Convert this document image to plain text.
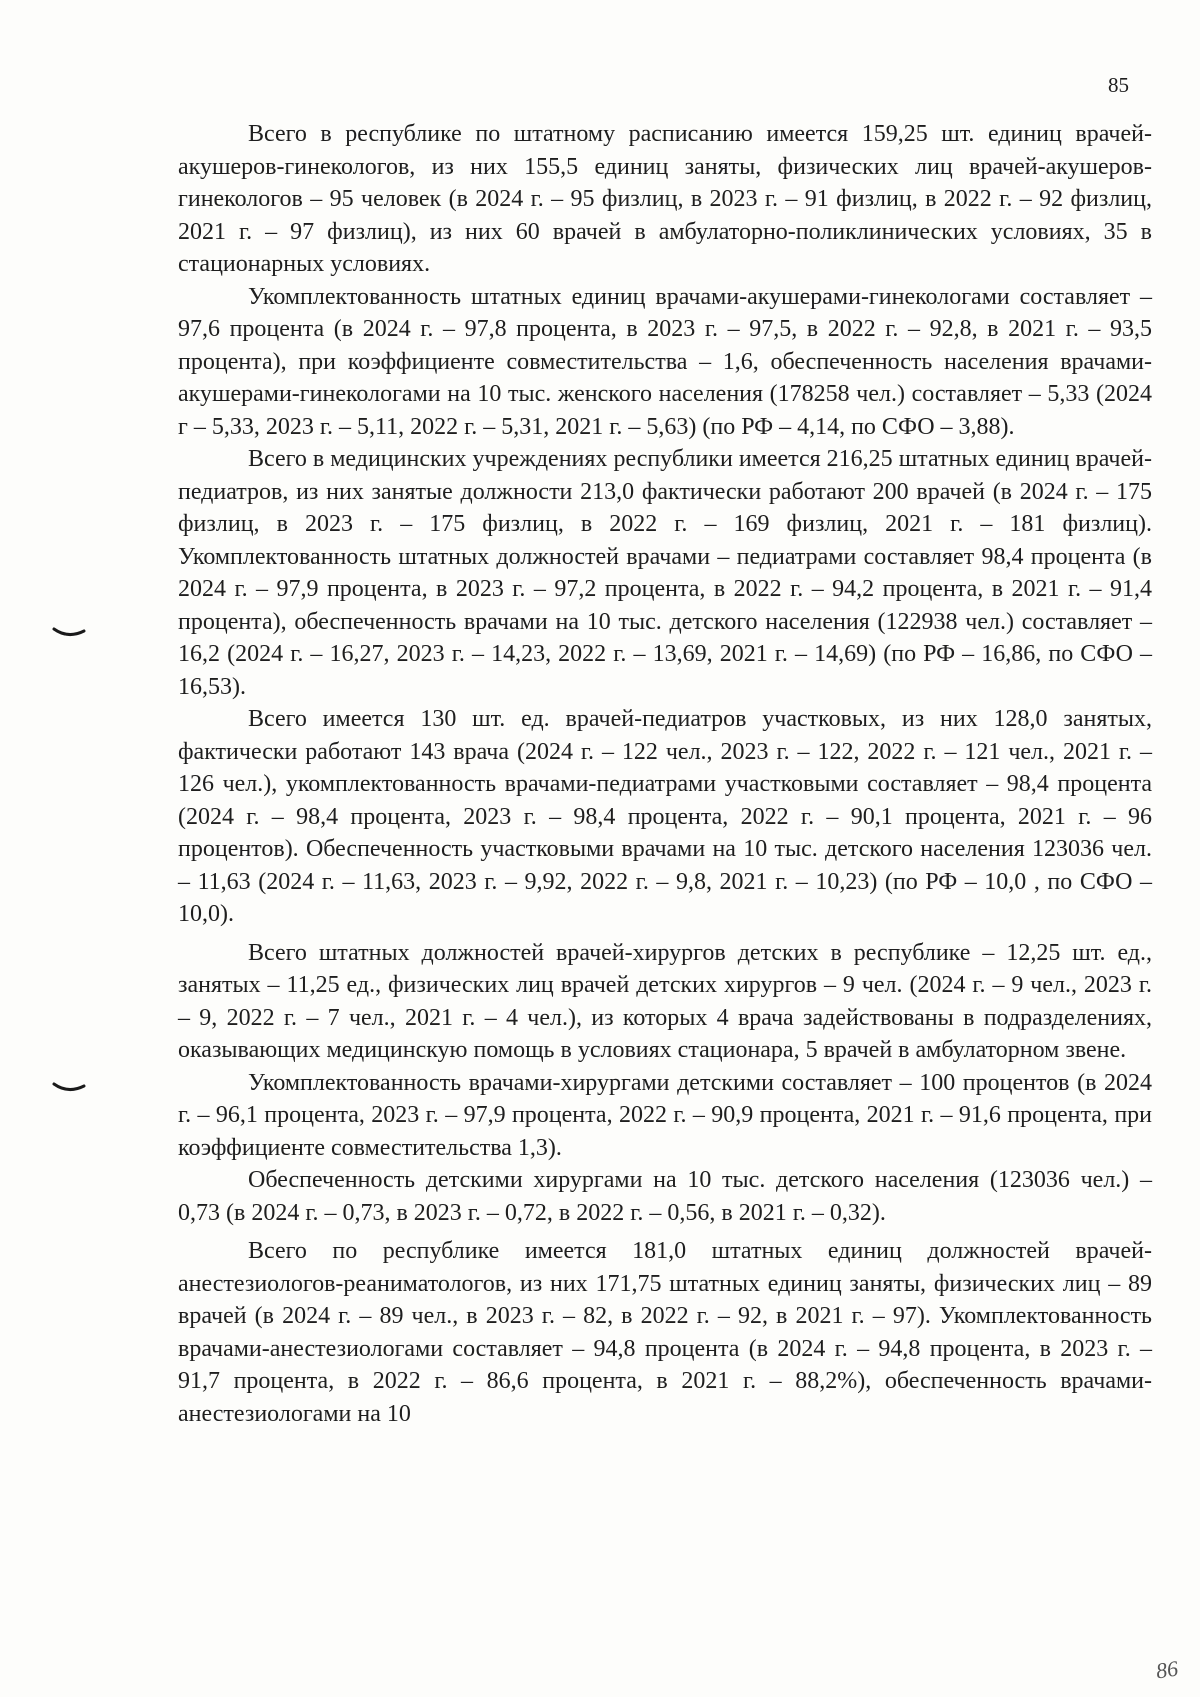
85

Всего в республике по штатному расписанию имеется 159,25 шт. единиц врачей-акушеров-гинекологов, из них 155,5 единиц заняты, физических лиц врачей-акушеров-гинекологов – 95 человек (в 2024 г. – 95 физлиц, в 2023 г. – 91 физлиц, в 2022 г. – 92 физлиц, 2021 г. – 97 физлиц), из них 60 врачей в амбулаторно-поликлинических условиях, 35 в стационарных условиях.

Укомплектованность штатных единиц врачами-акушерами-гинекологами составляет – 97,6 процента (в 2024 г. – 97,8 процента, в 2023 г. – 97,5, в 2022 г. – 92,8, в 2021 г. – 93,5 процента), при коэффициенте совместительства – 1,6, обеспеченность населения врачами-акушерами-гинекологами на 10 тыс. женского населения (178258 чел.) составляет – 5,33 (2024 г – 5,33, 2023 г. – 5,11, 2022 г. – 5,31, 2021 г. – 5,63) (по РФ – 4,14, по СФО – 3,88).

Всего в медицинских учреждениях республики имеется 216,25 штатных единиц врачей-педиатров, из них занятые должности 213,0 фактически работают 200 врачей (в 2024 г. – 175 физлиц, в 2023 г. – 175 физлиц, в 2022 г. – 169 физлиц, 2021 г. – 181 физлиц). Укомплектованность штатных должностей врачами – педиатрами составляет 98,4 процента (в 2024 г. – 97,9 процента, в 2023 г. – 97,2 процента, в 2022 г. – 94,2 процента, в 2021 г. – 91,4 процента), обеспеченность врачами на 10 тыс. детского населения (122938 чел.) составляет – 16,2 (2024 г. – 16,27, 2023 г. – 14,23, 2022 г. – 13,69, 2021 г. – 14,69) (по РФ – 16,86, по СФО – 16,53).

Всего имеется 130 шт. ед. врачей-педиатров участковых, из них 128,0 занятых, фактически работают 143 врача (2024 г. – 122 чел., 2023 г. – 122, 2022 г. – 121 чел., 2021 г. – 126 чел.), укомплектованность врачами-педиатрами участковыми составляет – 98,4 процента (2024 г. – 98,4 процента, 2023 г. – 98,4 процента, 2022 г. – 90,1 процента, 2021 г. – 96 процентов). Обеспеченность участковыми врачами на 10 тыс. детского населения 123036 чел. – 11,63 (2024 г. – 11,63, 2023 г. – 9,92, 2022 г. – 9,8, 2021 г. – 10,23) (по РФ – 10,0 , по СФО – 10,0).

Всего штатных должностей врачей-хирургов детских в республике – 12,25 шт. ед., занятых – 11,25 ед., физических лиц врачей детских хирургов – 9 чел. (2024 г. – 9 чел., 2023 г. – 9, 2022 г. – 7 чел., 2021 г. – 4 чел.), из которых 4 врача задействованы в подразделениях, оказывающих медицинскую помощь в условиях стационара, 5 врачей в амбулаторном звене.

Укомплектованность врачами-хирургами детскими составляет – 100 процентов (в 2024 г. – 96,1 процента, 2023 г. – 97,9 процента, 2022 г. – 90,9 процента, 2021 г. – 91,6 процента, при коэффициенте совместительства 1,3).

Обеспеченность детскими хирургами на 10 тыс. детского населения (123036 чел.) – 0,73 (в 2024 г. – 0,73, в 2023 г. – 0,72, в 2022 г. – 0,56, в 2021 г. – 0,32).

Всего по республике имеется 181,0 штатных единиц должностей врачей-анестезиологов-реаниматологов, из них 171,75 штатных единиц заняты, физических лиц – 89 врачей (в 2024 г. – 89 чел., в 2023 г. – 82, в 2022 г. – 92, в 2021 г. – 97). Укомплектованность врачами-анестезиологами составляет – 94,8 процента (в 2024 г. – 94,8 процента, в 2023 г. – 91,7 процента, в 2022 г. – 86,6 процента, в 2021 г. – 88,2%), обеспеченность врачами-анестезиологами на 10

86
